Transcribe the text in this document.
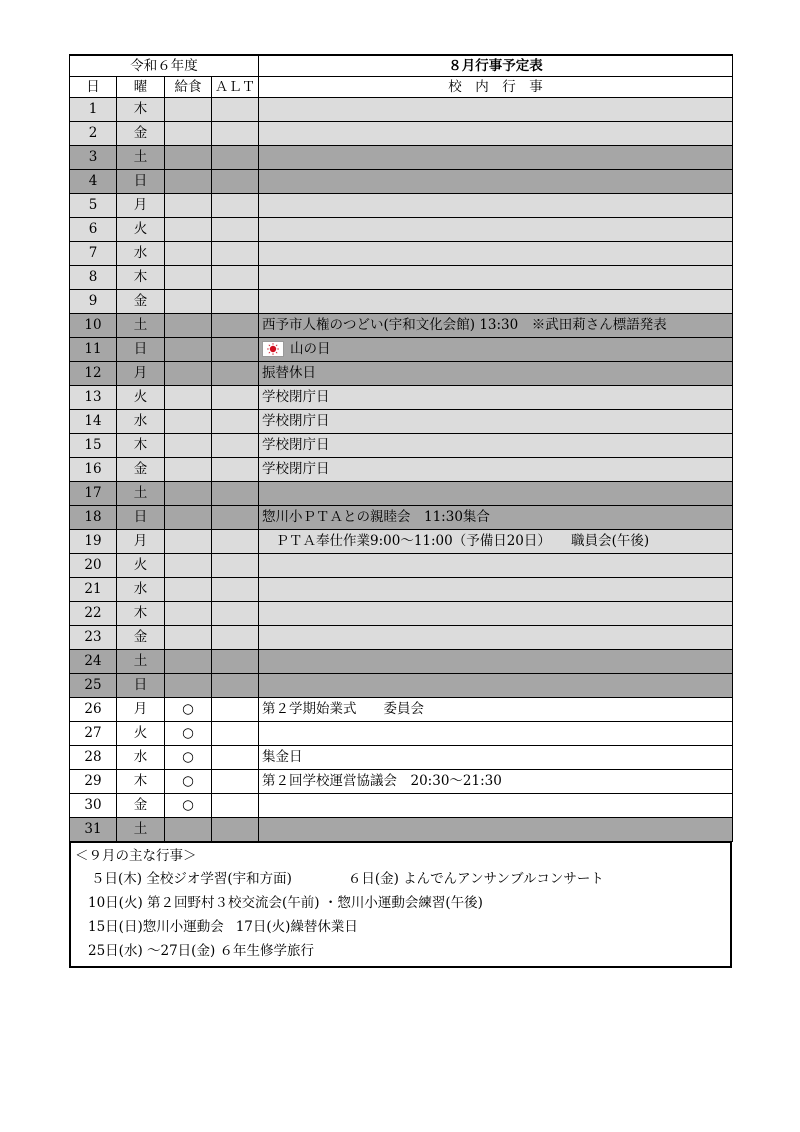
令和６年度				８月行事予定表
日	曜	給食	ＡＬＴ	校　内　行　事
1	木			
2	金			
3	土			
4	日			
5	月			
6	火			
7	水			
8	木			
9	金			
10	土			西予市人権のつどい(宇和文化会館) 13:30　※武田莉さん標語発表
11	日			山の日
12	月			振替休日
13	火			学校閉庁日
14	水			学校閉庁日
15	木			学校閉庁日
16	金			学校閉庁日
17	土			
18	日			惣川小ＰＴＡとの親睦会　11:30集合
19	月			　ＰＴＡ奉仕作業9:00～11:00（予備日20日）　　職員会(午後)
20	火			
21	水			
22	木			
23	金			
24	土			
25	日			
26	月	○		第２学期始業式　　委員会
27	火	○		
28	水	○		集金日
29	木	○		第２回学校運営協議会　20:30～21:30
30	金	○		
31	土			
＜９月の主な行事＞
５日(木) 全校ジオ学習(宇和方面)	６日(金) よんでんアンサンブルコンサート
10日(火) 第２回野村３校交流会(午前) ・惣川小運動会練習(午後)
15日(日)惣川小運動会 17日(火)繰替休業日
25日(水) ～27日(金) ６年生修学旅行
